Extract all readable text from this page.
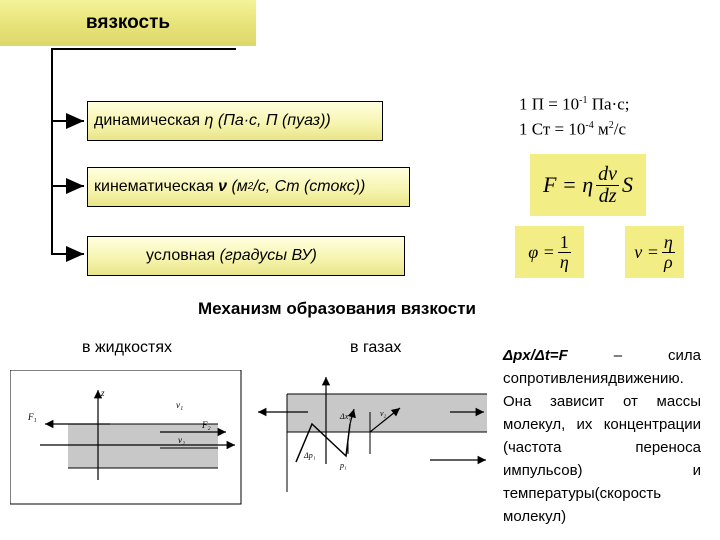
вязкость
динамическая
η
(Па·с, П (пуаз))
кинематическая
ν
(м 2 /с, Ст (стокс))
условная
(градусы ВУ)
1 $П = 10^{-1}$ Па·с;
1 Ст = $10^{-4}$ $м^2/с$
F = η $\frac{dv}{dz}$ S
$\varphi = \frac{1}{\eta}$	$\nu = \frac{\eta}{\rho}$
Механизм образования вязкости
в жидкостях	в газах
z
F₁
v₁
F₂
v₂
Δx₁	v₂
Δp₁
p₁
Δpx/Δt=F – сила сопротивлениядвижению. Она зависит от массы молекул, их концентрации (частота переноса импульсов) и температуры(скорость молекул)
